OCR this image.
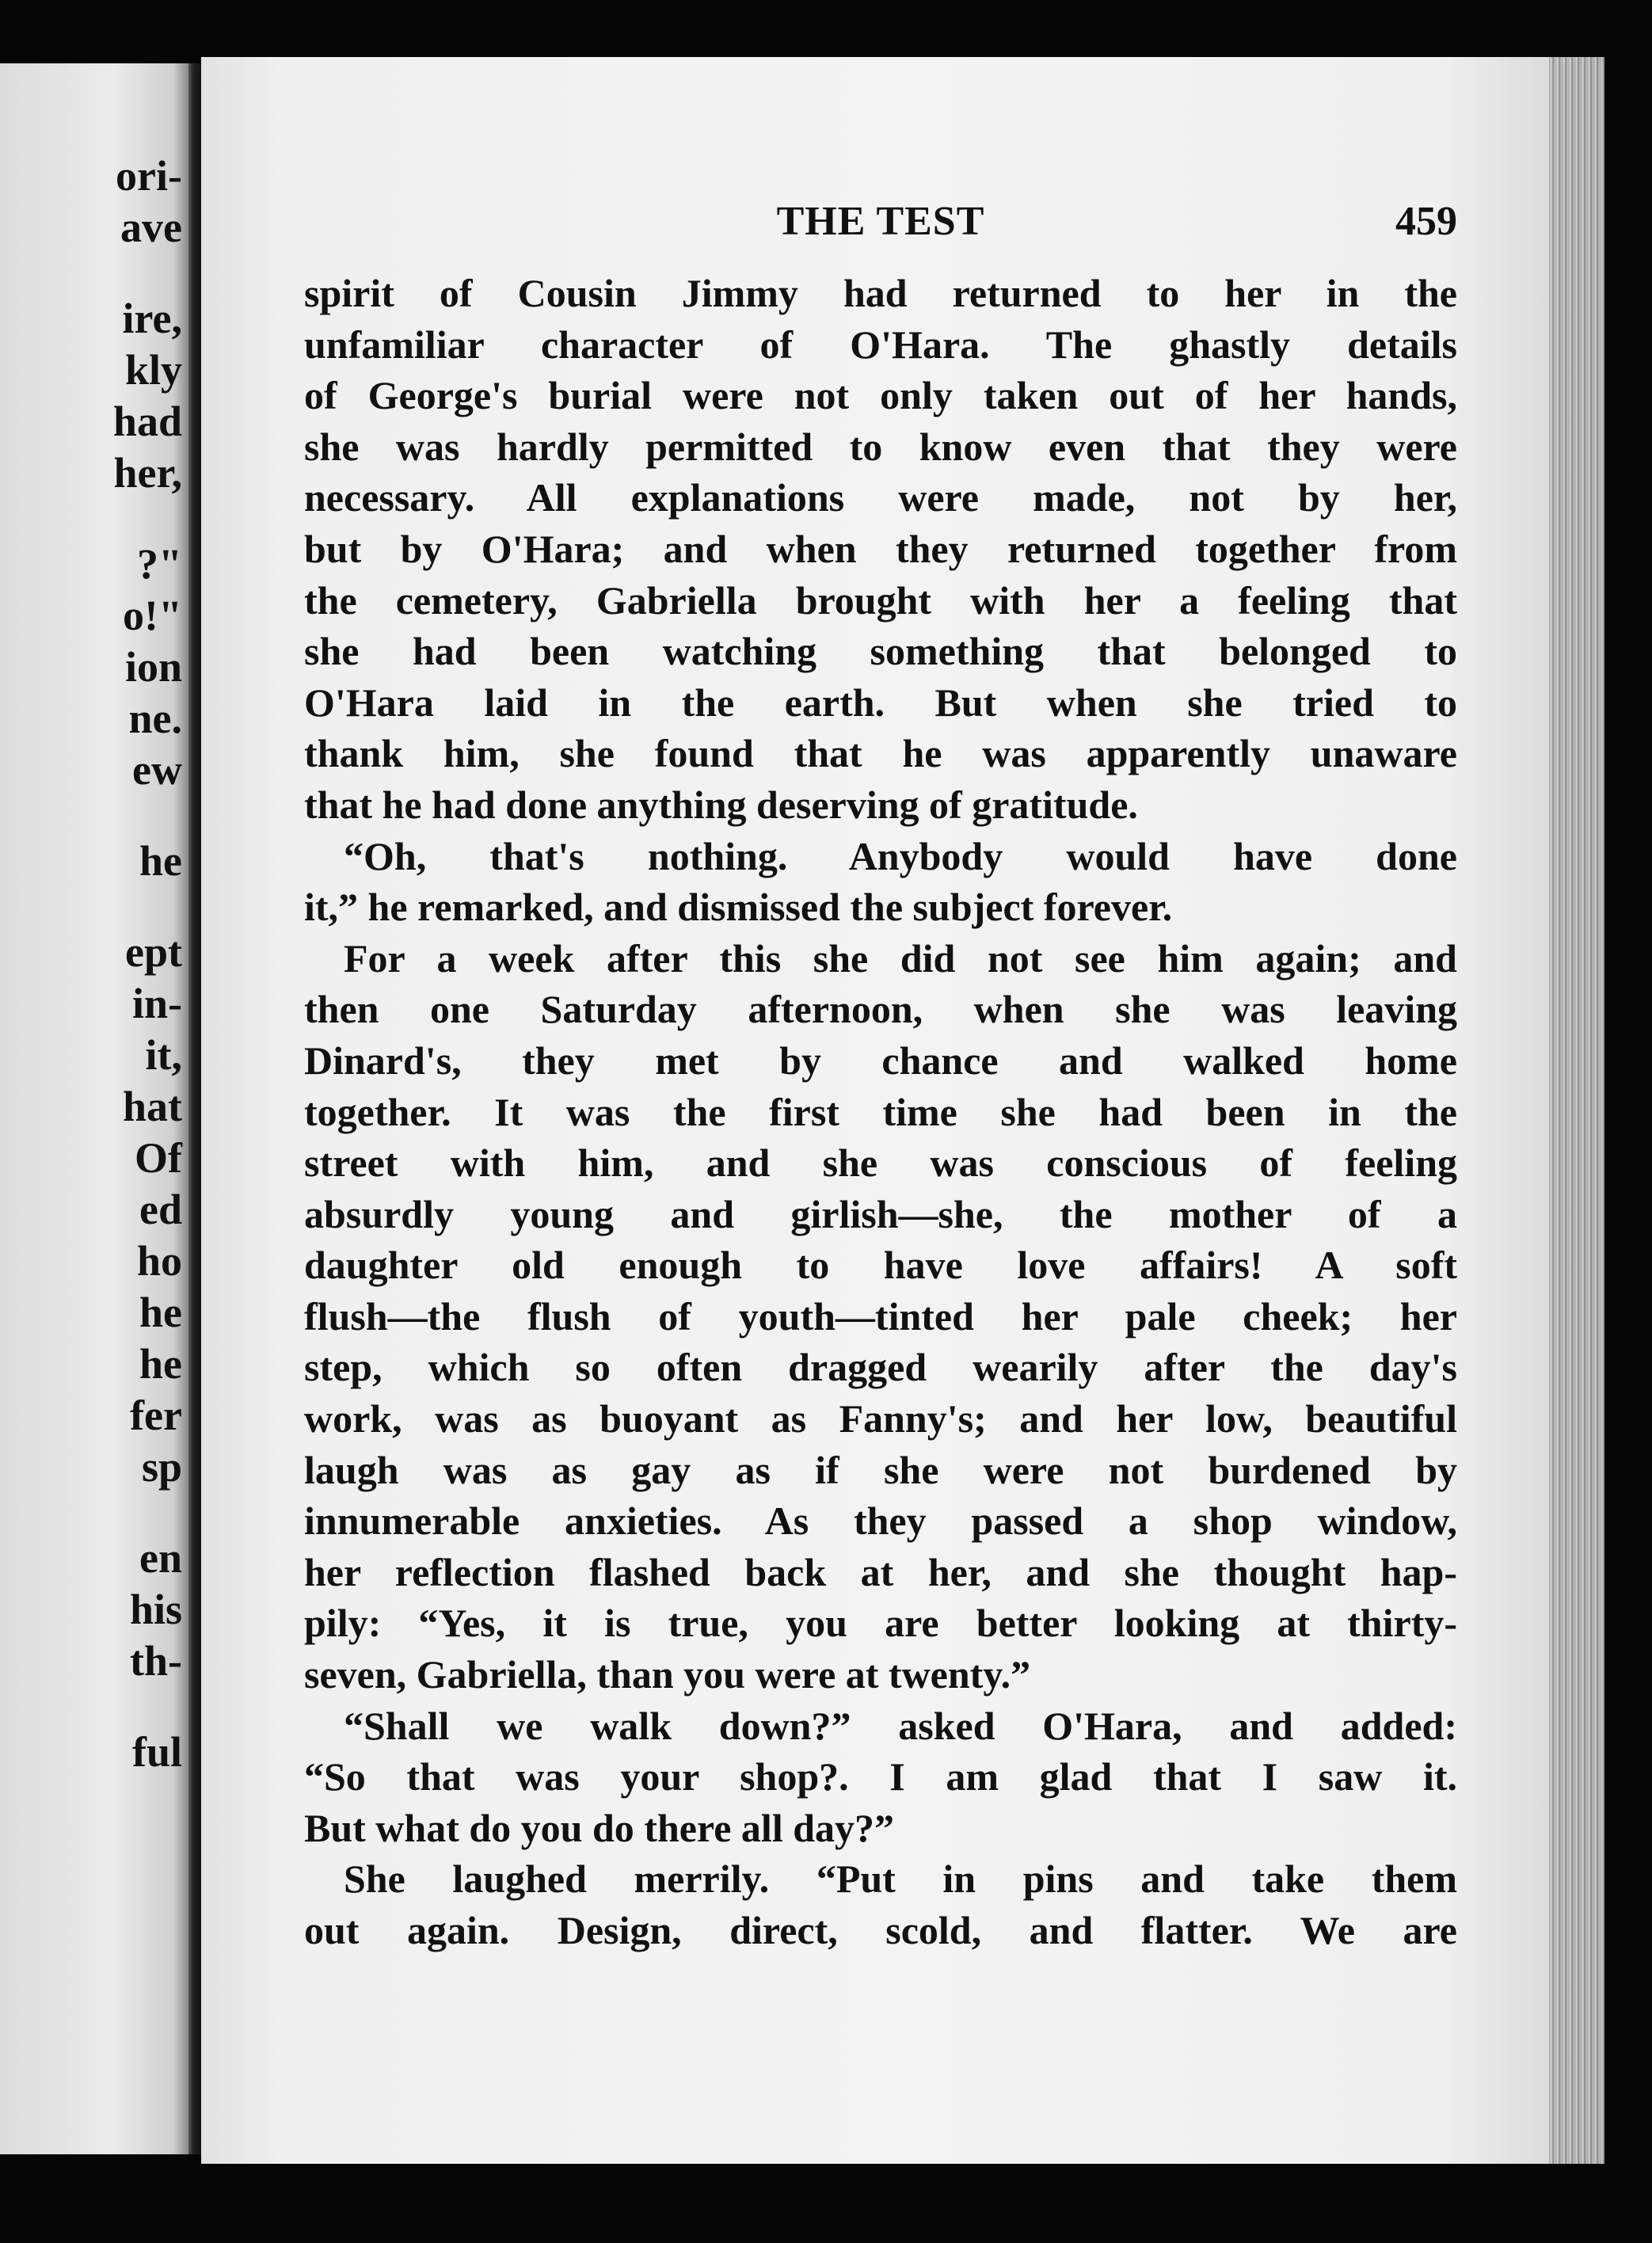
ori-
ave
ire,
kly
had
her,
?"
o!"
ion
ne.
ew
he
ept
in-
it,
hat
Of
ed
ho
he
he
fer
sp
en
his
th-
ful
THE TEST	459
spirit of Cousin Jimmy had returned to her in the
unfamiliar character of O'Hara. The ghastly details
of George's burial were not only taken out of her hands,
she was hardly permitted to know even that they were
necessary. All explanations were made, not by her,
but by O'Hara; and when they returned together from
the cemetery, Gabriella brought with her a feeling that
she had been watching something that belonged to
O'Hara laid in the earth. But when she tried to
thank him, she found that he was apparently unaware
that he had done anything deserving of gratitude.
“Oh, that's nothing. Anybody would have done
it,” he remarked, and dismissed the subject forever.
For a week after this she did not see him again; and
then one Saturday afternoon, when she was leaving
Dinard's, they met by chance and walked home
together. It was the first time she had been in the
street with him, and she was conscious of feeling
absurdly young and girlish—she, the mother of a
daughter old enough to have love affairs! A soft
flush—the flush of youth—tinted her pale cheek; her
step, which so often dragged wearily after the day's
work, was as buoyant as Fanny's; and her low, beautiful
laugh was as gay as if she were not burdened by
innumerable anxieties. As they passed a shop window,
her reflection flashed back at her, and she thought hap-
pily: “Yes, it is true, you are better looking at thirty-
seven, Gabriella, than you were at twenty.”
“Shall we walk down?” asked O'Hara, and added:
“So that was your shop?. I am glad that I saw it.
But what do you do there all day?”
She laughed merrily. “Put in pins and take them
out again. Design, direct, scold, and flatter. We are
